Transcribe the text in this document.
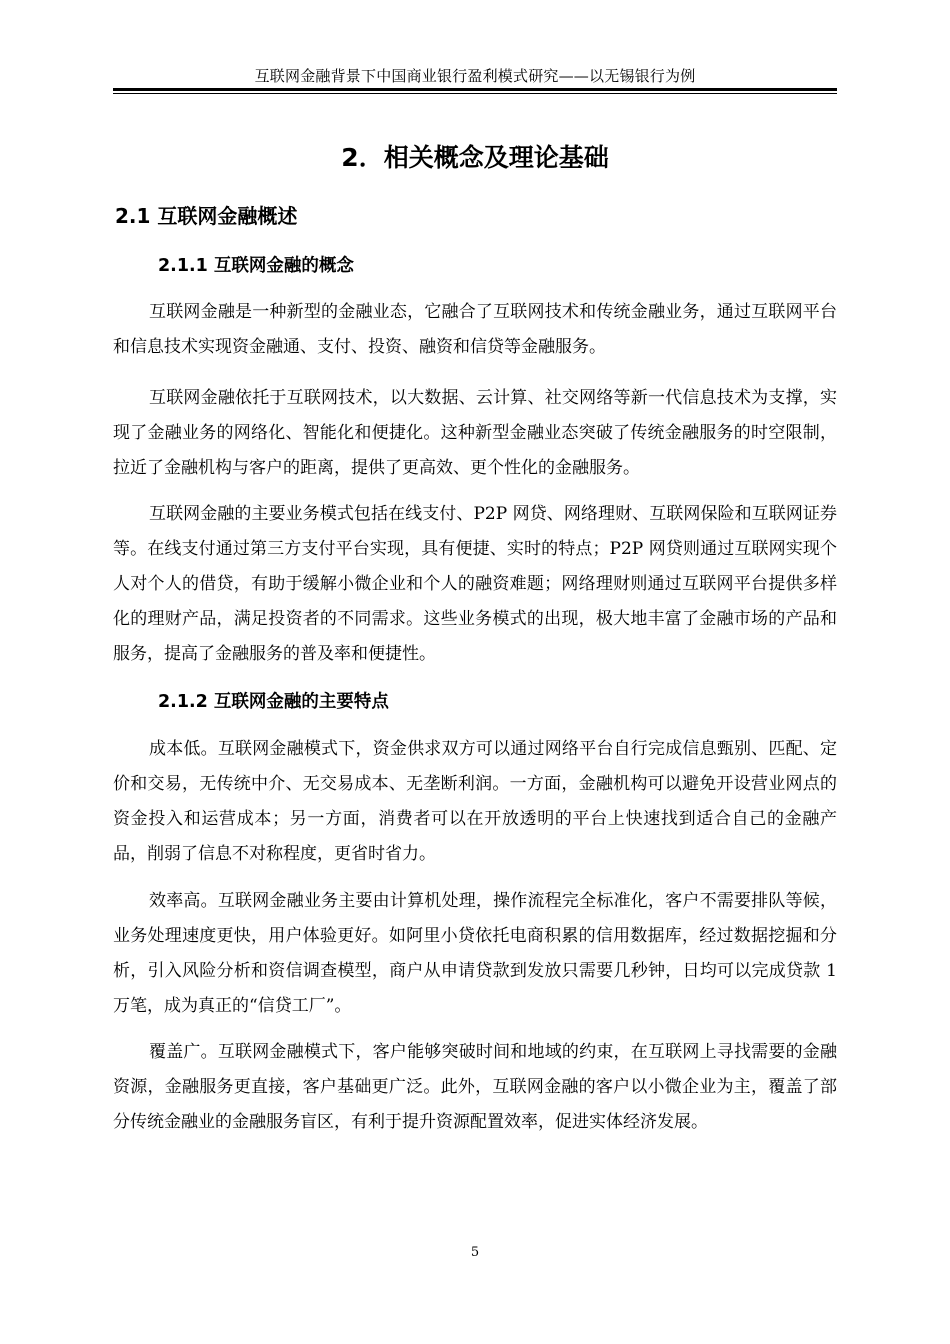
互联网金融背景下中国商业银行盈利模式研究——以无锡银行为例
2．相关概念及理论基础
2.1 互联网金融概述
2.1.1 互联网金融的概念

互联网金融是一种新型的金融业态，它融合了互联网技术和传统金融业务，通过互联网平台和信息技术实现资金融通、支付、投资、融资和信贷等金融服务。

互联网金融依托于互联网技术，以大数据、云计算、社交网络等新一代信息技术为支撑，实现了金融业务的网络化、智能化和便捷化。这种新型金融业态突破了传统金融服务的时空限制，拉近了金融机构与客户的距离，提供了更高效、更个性化的金融服务。

互联网金融的主要业务模式包括在线支付、P2P 网贷、网络理财、互联网保险和互联网证券等。在线支付通过第三方支付平台实现，具有便捷、实时的特点；P2P 网贷则通过互联网实现个人对个人的借贷，有助于缓解小微企业和个人的融资难题；网络理财则通过互联网平台提供多样化的理财产品，满足投资者的不同需求。这些业务模式的出现，极大地丰富了金融市场的产品和服务，提高了金融服务的普及率和便捷性。

2.1.2 互联网金融的主要特点

成本低。互联网金融模式下，资金供求双方可以通过网络平台自行完成信息甄别、匹配、定价和交易，无传统中介、无交易成本、无垄断利润。一方面，金融机构可以避免开设营业网点的资金投入和运营成本；另一方面，消费者可以在开放透明的平台上快速找到适合自己的金融产品，削弱了信息不对称程度，更省时省力。

效率高。互联网金融业务主要由计算机处理，操作流程完全标准化，客户不需要排队等候，业务处理速度更快，用户体验更好。如阿里小贷依托电商积累的信用数据库，经过数据挖掘和分析，引入风险分析和资信调查模型，商户从申请贷款到发放只需要几秒钟，日均可以完成贷款 1 万笔，成为真正的“信贷工厂”。

覆盖广。互联网金融模式下，客户能够突破时间和地域的约束，在互联网上寻找需要的金融资源，金融服务更直接，客户基础更广泛。此外，互联网金融的客户以小微企业为主，覆盖了部分传统金融业的金融服务盲区，有利于提升资源配置效率，促进实体经济发展。

5
